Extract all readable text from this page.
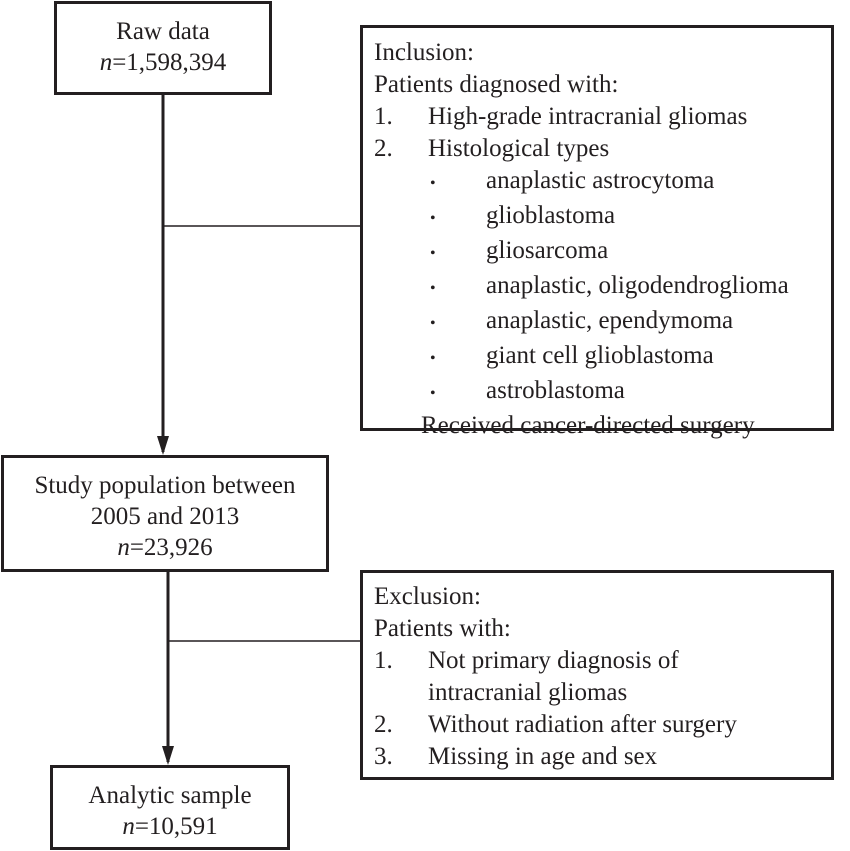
Raw data
n=1,598,394	Inclusion:
Patients diagnosed with:
1. High-grade intracranial gliomas
2. Histological types
• anaplastic astrocytoma
• glioblastoma
• gliosarcoma
• anaplastic, oligodendroglioma
• anaplastic, ependymoma
• giant cell glioblastoma
• astroblastoma
Received cancer-directed surgery
Study population between
2005 and 2013
n=23,926
Exclusion:
Patients with:
1. Not primary diagnosis of
intracranial gliomas
2. Without radiation after surgery
3. Missing in age and sex
Analytic sample
n=10,591
